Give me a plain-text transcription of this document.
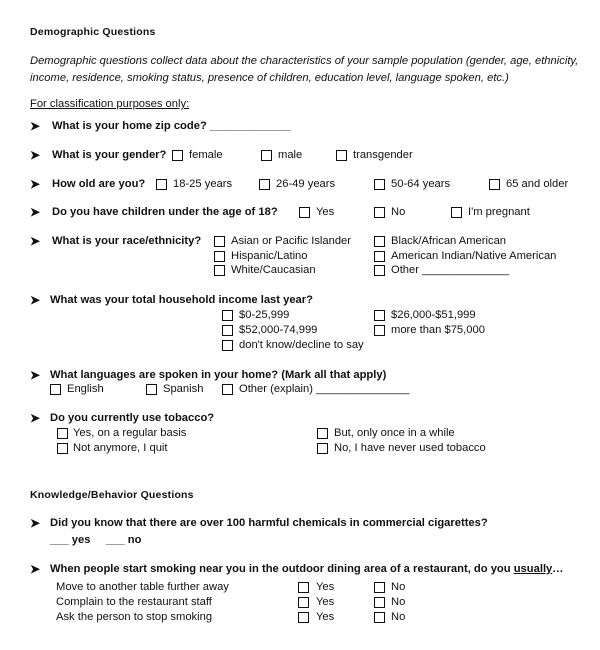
Demographic Questions
Demographic questions collect data about the characteristics of your sample population (gender, age, ethnicity,
income, residence, smoking status, presence of children, education level, language spoken, etc.)
For classification purposes only:
➤ What is your home zip code? _____________
➤ What is your gender? female	male	transgender
➤ How old are you? 18-25 years	26-49 years	50-64 years	65 and older
➤ Do you have children under the age of 18?	Yes	No	I'm pregnant
➤ What is your race/ethnicity?	Asian or Pacific Islander	Black/African American
Hispanic/Latino	American Indian/Native American
White/Caucasian	Other ______________
➤ What was your total household income last year?
$0-25,999	$26,000-$51,999
$52,000-74,999	more than $75,000
don't know/decline to say
➤ What languages are spoken in your home? (Mark all that apply)
English	Spanish	Other (explain) _______________
➤ Do you currently use tobacco?
Yes, on a regular basis	But, only once in a while
Not anymore, I quit	No, I have never used tobacco
Knowledge/Behavior Questions
➤ Did you know that there are over 100 harmful chemicals in commercial cigarettes?
___ yes ___ no
➤ When people start smoking near you in the outdoor dining area of a restaurant, do you usually…
Move to another table further away	Yes	No
Complain to the restaurant staff	Yes	No
Ask the person to stop smoking	Yes	No
